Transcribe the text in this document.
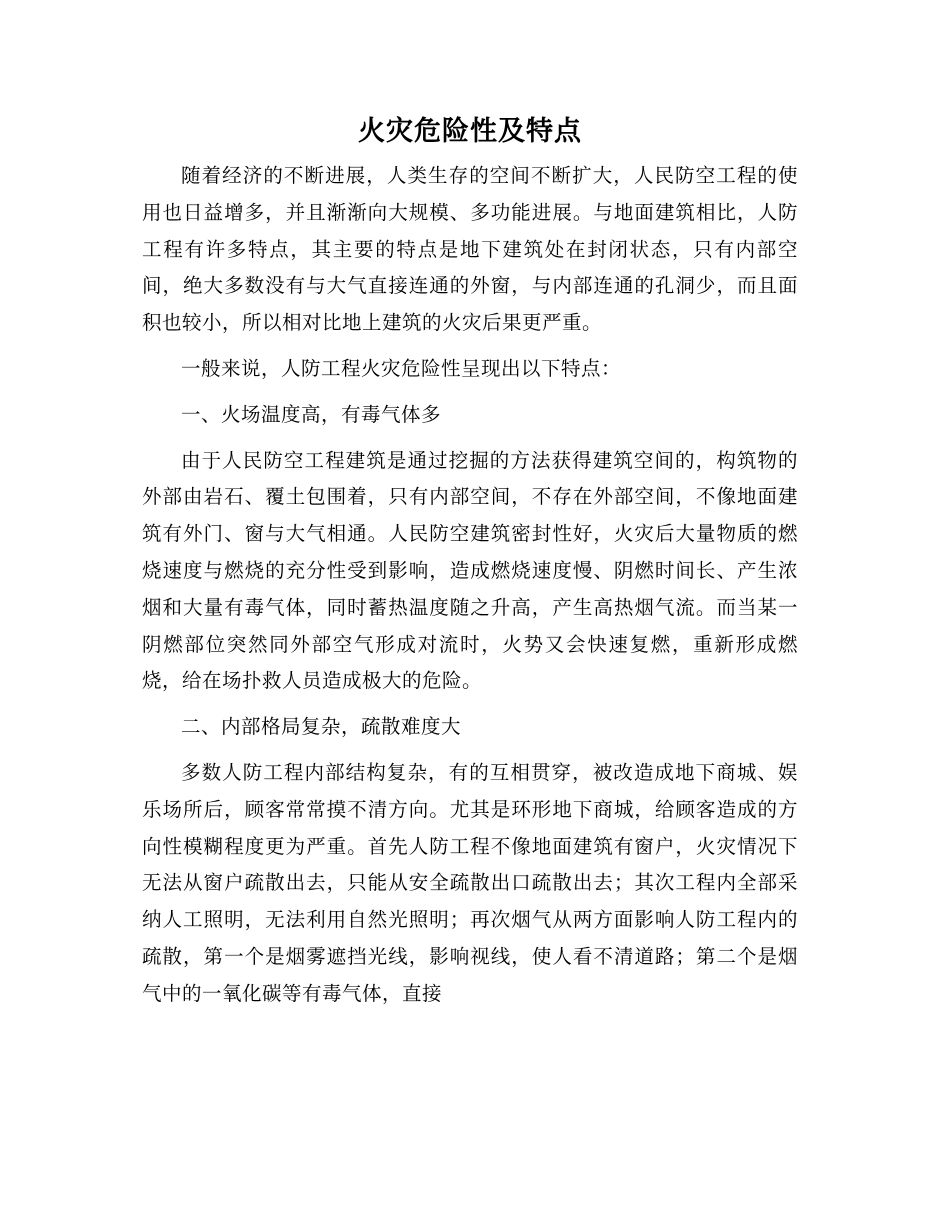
火灾危险性及特点

随着经济的不断进展，人类生存的空间不断扩大，人民防空工程的使用也日益增多，并且渐渐向大规模、多功能进展。与地面建筑相比，人防工程有许多特点，其主要的特点是地下建筑处在封闭状态，只有内部空间，绝大多数没有与大气直接连通的外窗，与内部连通的孔洞少，而且面积也较小，所以相对比地上建筑的火灾后果更严重。

一般来说，人防工程火灾危险性呈现出以下特点：

一、火场温度高，有毒气体多

由于人民防空工程建筑是通过挖掘的方法获得建筑空间的，构筑物的外部由岩石、覆土包围着，只有内部空间，不存在外部空间，不像地面建筑有外门、窗与大气相通。人民防空建筑密封性好，火灾后大量物质的燃烧速度与燃烧的充分性受到影响，造成燃烧速度慢、阴燃时间长、产生浓烟和大量有毒气体，同时蓄热温度随之升高，产生高热烟气流。而当某一阴燃部位突然同外部空气形成对流时，火势又会快速复燃，重新形成燃烧，给在场扑救人员造成极大的危险。

二、内部格局复杂，疏散难度大

多数人防工程内部结构复杂，有的互相贯穿，被改造成地下商城、娱乐场所后，顾客常常摸不清方向。尤其是环形地下商城，给顾客造成的方向性模糊程度更为严重。首先人防工程不像地面建筑有窗户，火灾情况下无法从窗户疏散出去，只能从安全疏散出口疏散出去；其次工程内全部采纳人工照明，无法利用自然光照明；再次烟气从两方面影响人防工程内的疏散，第一个是烟雾遮挡光线，影响视线，使人看不清道路；第二个是烟气中的一氧化碳等有毒气体，直接
